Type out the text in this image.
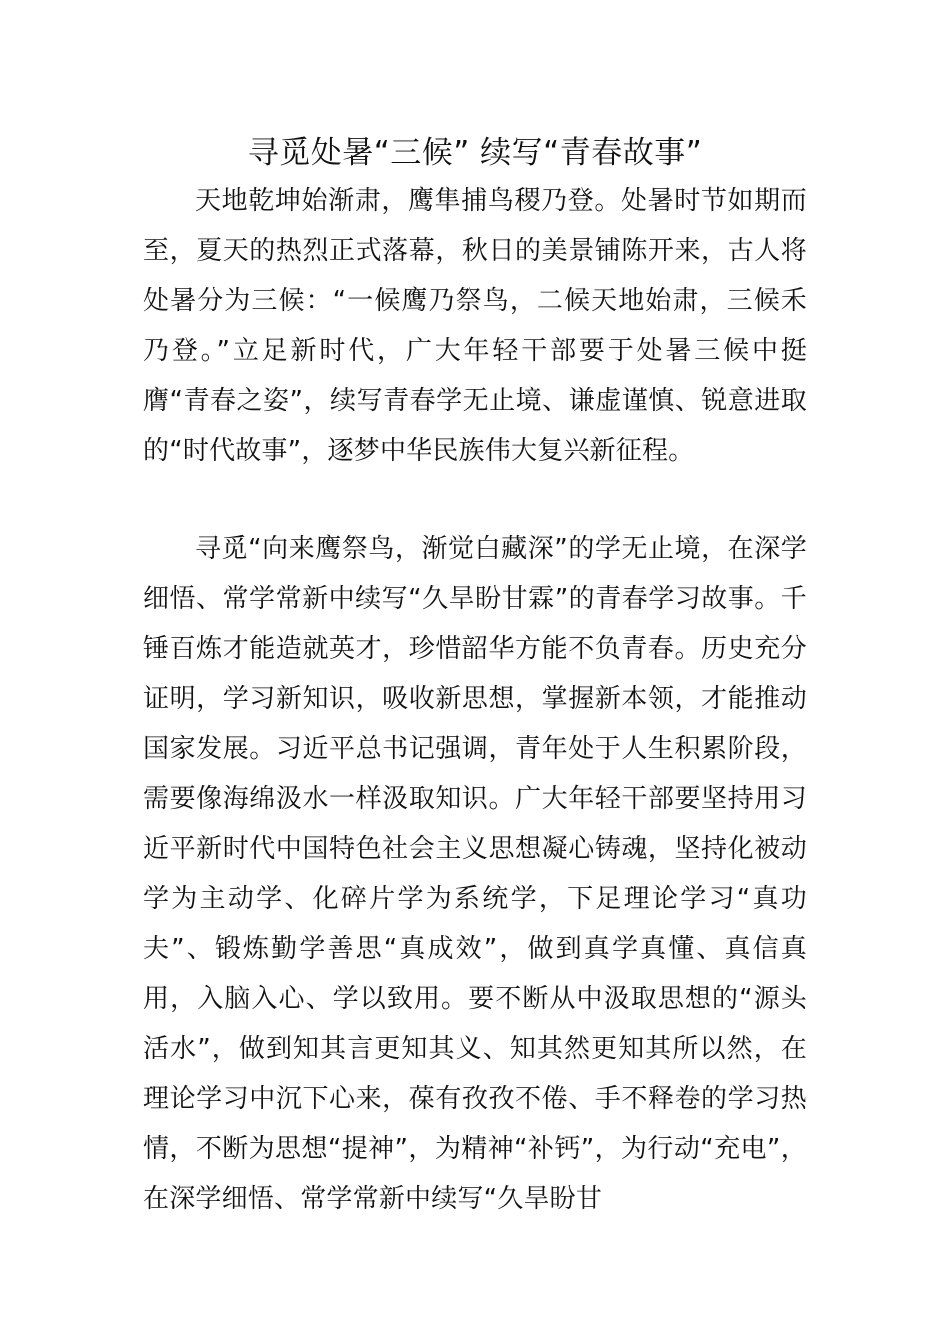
寻觅处暑“三候” 续写“青春故事”

天地乾坤始渐肃，鹰隼捕鸟稷乃登。处暑时节如期而至，夏天的热烈正式落幕，秋日的美景铺陈开来，古人将处暑分为三候：“一候鹰乃祭鸟，二候天地始肃，三候禾乃登。”立足新时代，广大年轻干部要于处暑三候中挺膺“青春之姿”，续写青春学无止境、谦虚谨慎、锐意进取的“时代故事”，逐梦中华民族伟大复兴新征程。

寻觅“向来鹰祭鸟，渐觉白藏深”的学无止境，在深学细悟、常学常新中续写“久旱盼甘霖”的青春学习故事。千锤百炼才能造就英才，珍惜韶华方能不负青春。历史充分证明，学习新知识，吸收新思想，掌握新本领，才能推动国家发展。习近平总书记强调，青年处于人生积累阶段，需要像海绵汲水一样汲取知识。广大年轻干部要坚持用习近平新时代中国特色社会主义思想凝心铸魂，坚持化被动学为主动学、化碎片学为系统学，下足理论学习“真功夫”、锻炼勤学善思“真成效”，做到真学真懂、真信真用，入脑入心、学以致用。要不断从中汲取思想的“源头活水”，做到知其言更知其义、知其然更知其所以然，在理论学习中沉下心来，葆有孜孜不倦、手不释卷的学习热情，不断为思想“提神”，为精神“补钙”，为行动“充电”，在深学细悟、常学常新中续写“久旱盼甘
